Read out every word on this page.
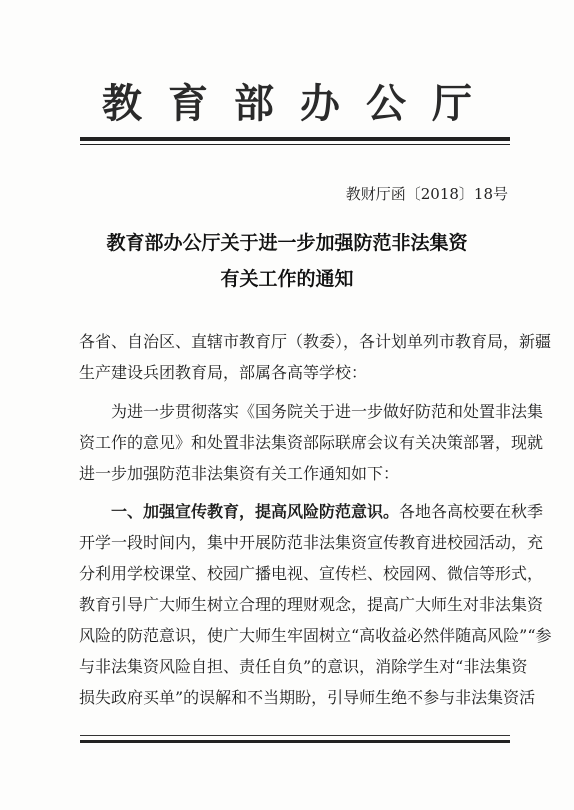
教育部办公厅
教财厅函〔2018〕18号
教育部办公厅关于进一步加强防范非法集资
有关工作的通知
各省、自治区、直辖市教育厅（教委），各计划单列市教育局，新疆
生产建设兵团教育局，部属各高等学校：
为进一步贯彻落实《国务院关于进一步做好防范和处置非法集
资工作的意见》和处置非法集资部际联席会议有关决策部署，现就
进一步加强防范非法集资有关工作通知如下：
一、加强宣传教育，提高风险防范意识。各地各高校要在秋季
开学一段时间内，集中开展防范非法集资宣传教育进校园活动，充
分利用学校课堂、校园广播电视、宣传栏、校园网、微信等形式，
教育引导广大师生树立合理的理财观念，提高广大师生对非法集资
风险的防范意识，使广大师生牢固树立“高收益必然伴随高风险”“参
与非法集资风险自担、责任自负”的意识，消除学生对“非法集资
损失政府买单”的误解和不当期盼，引导师生绝不参与非法集资活
